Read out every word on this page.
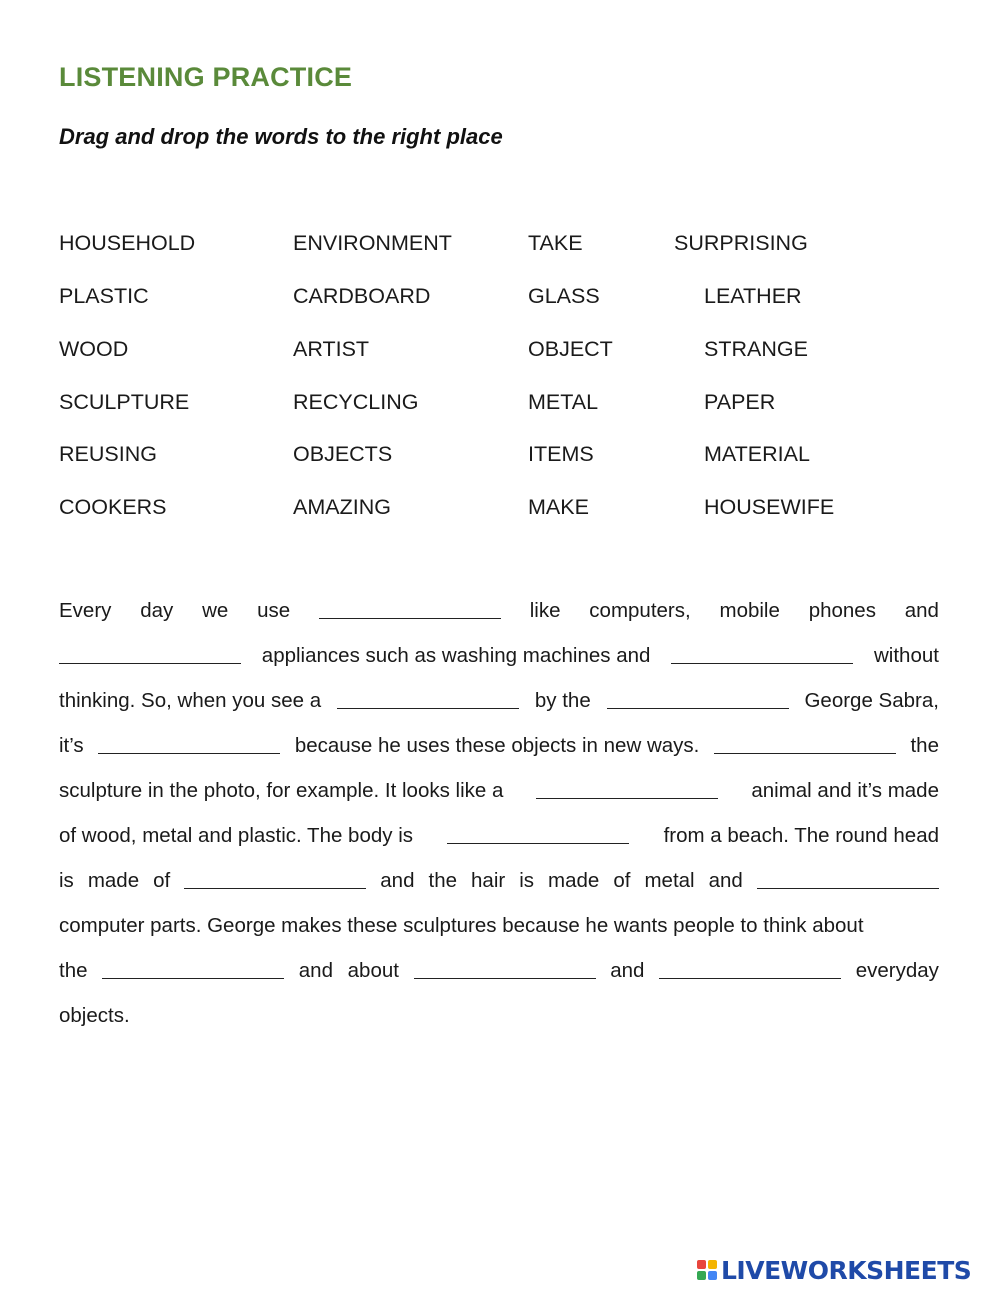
LISTENING PRACTICE
Drag and drop the words to the right place
HOUSEHOLD	ENVIRONMENT	TAKE	SURPRISING
PLASTIC	CARDBOARD	GLASS	LEATHER
WOOD	ARTIST	OBJECT	STRANGE
SCULPTURE	RECYCLING	METAL	PAPER
REUSING	OBJECTS	ITEMS	MATERIAL
COOKERS	AMAZING	MAKE	HOUSEWIFE
Every day we use	like computers, mobile phones and
appliances such as washing machines and	without
thinking. So, when you see a	by the	George Sabra,
it’s	because he uses these objects in new ways.	the
sculpture in the photo, for example. It looks like a	animal and it’s made
of wood, metal and plastic. The body is	from a beach. The round head
is made of	and the hair is made of metal and
computer parts. George makes these sculptures because he wants people to think about
the	and about	and	everyday
objects.
LIVEWORKSHEETS
